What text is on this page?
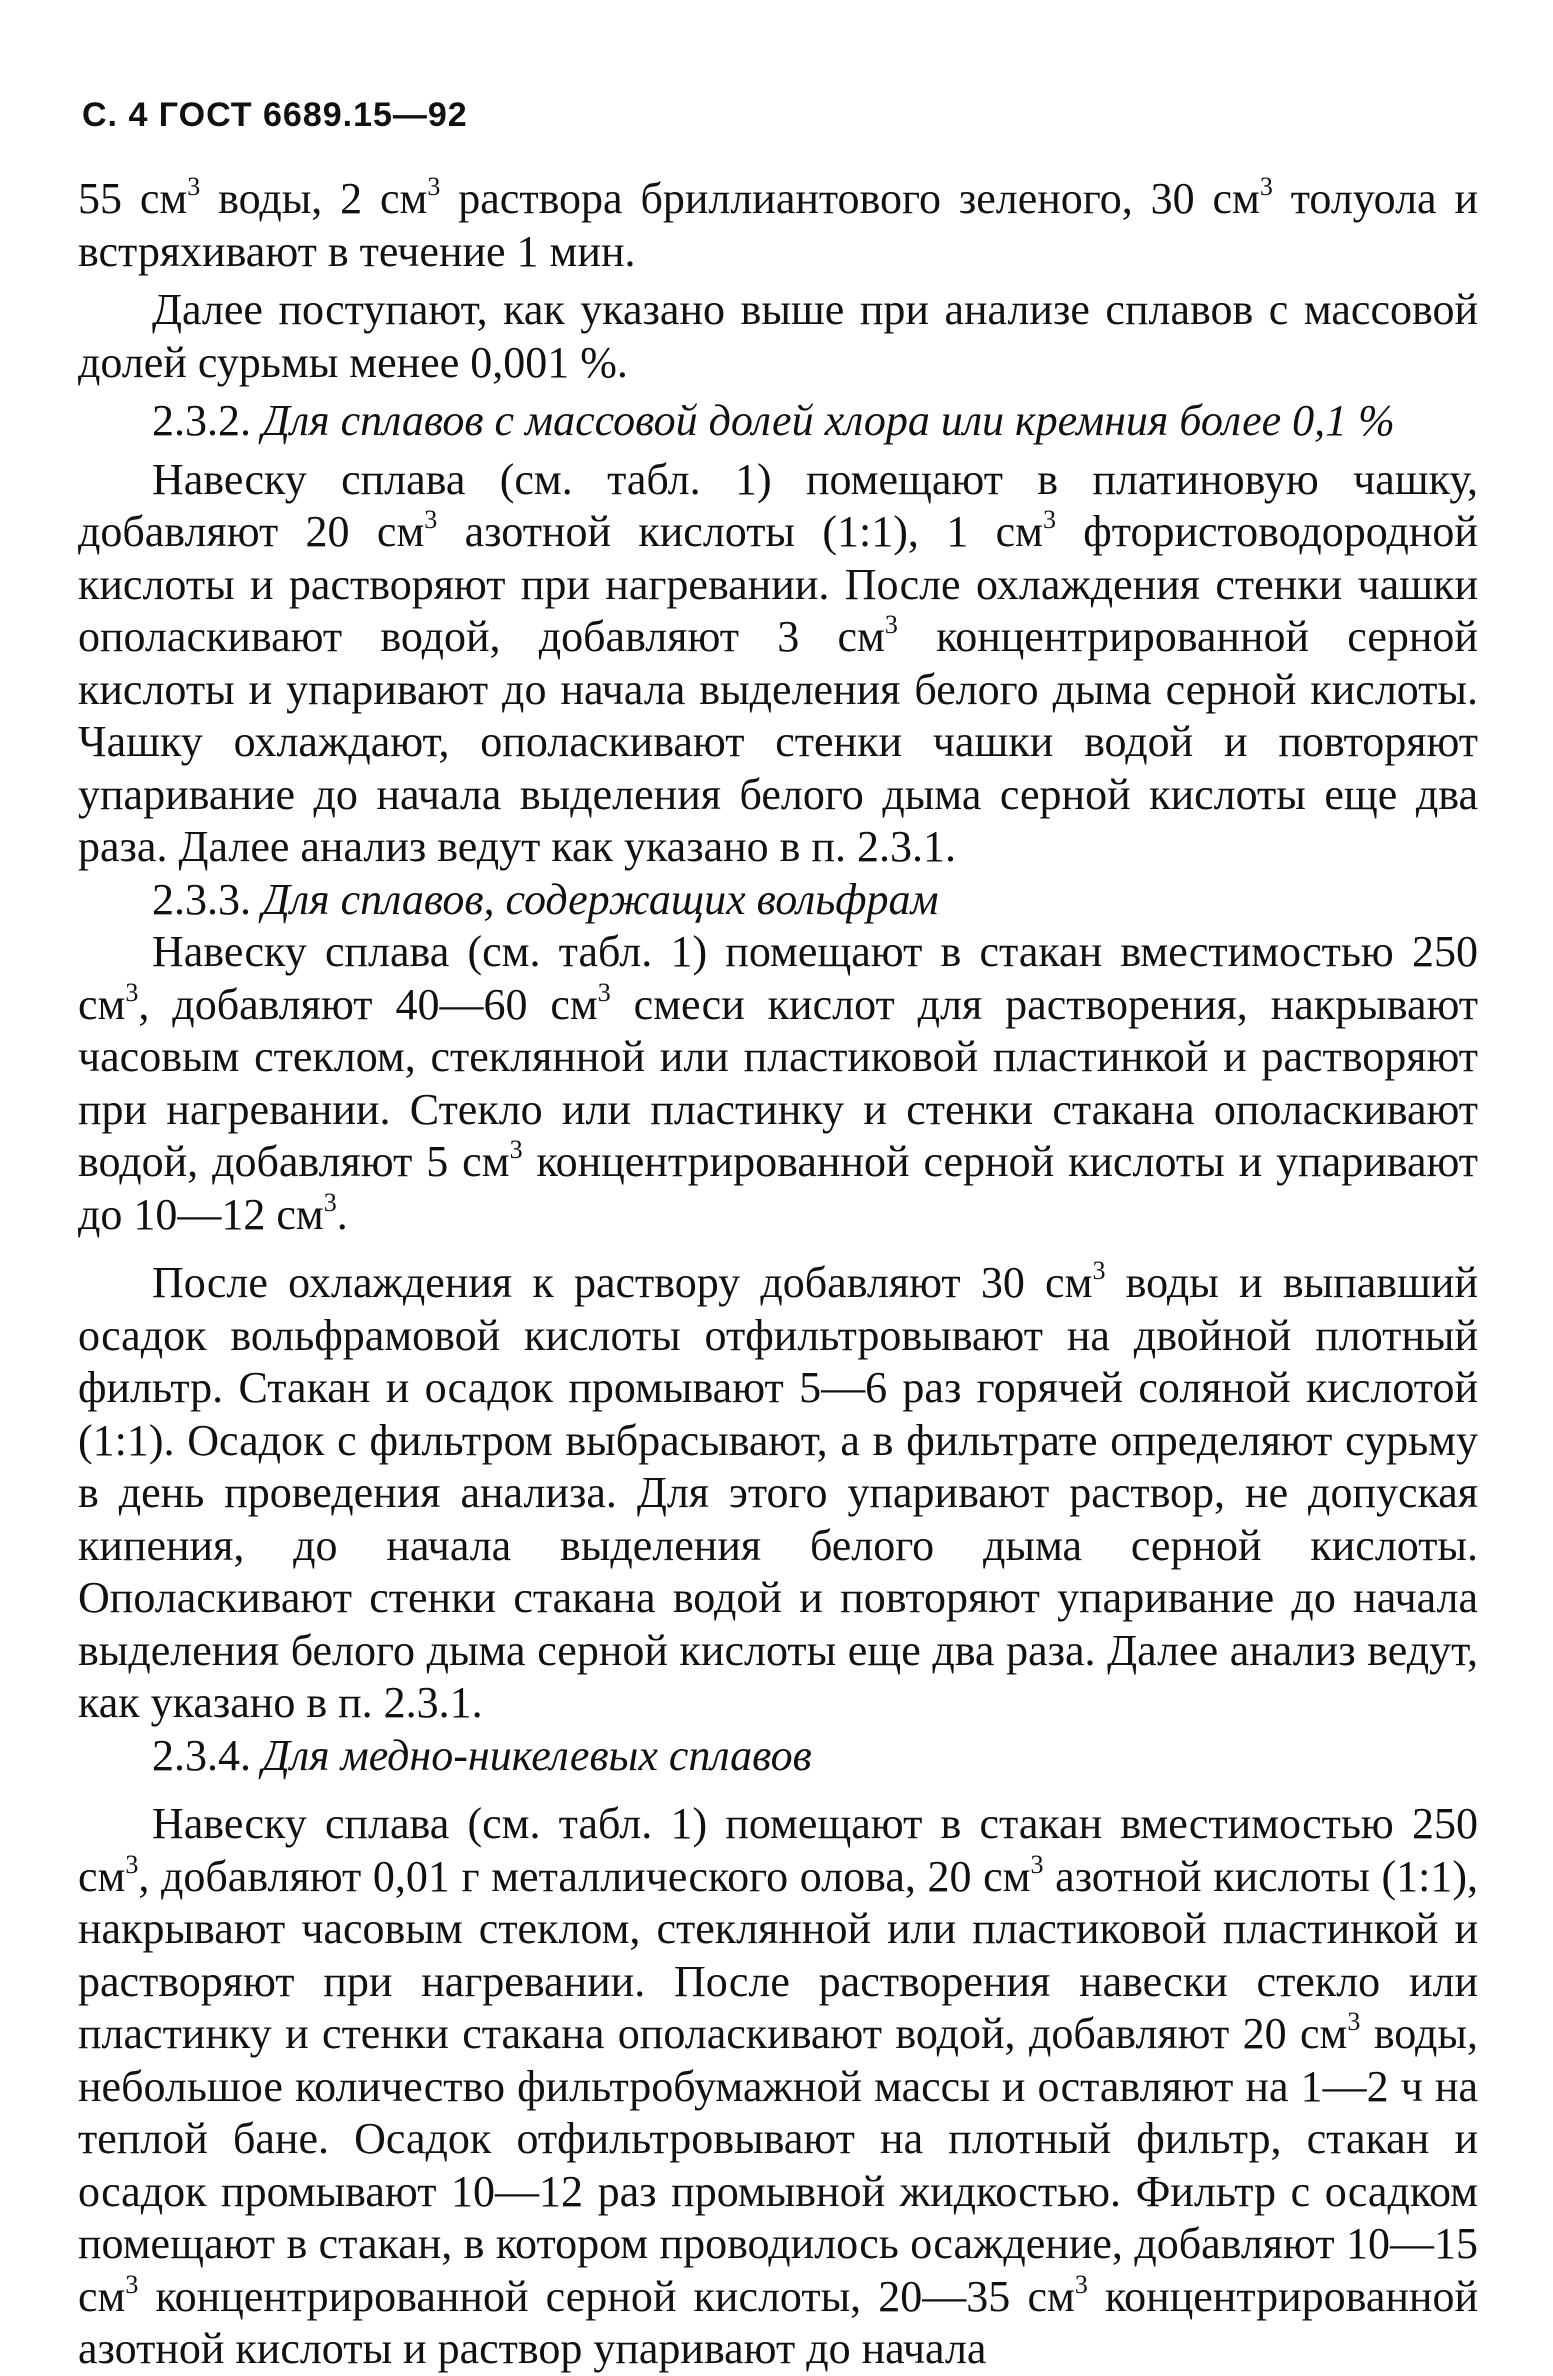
С. 4 ГОСТ 6689.15—92

55 $см^3$ воды, 2 $см^3$ раствора бриллиантового зеленого, 30 $см^3$ толуола и встряхивают в течение 1 мин.

Далее поступают, как указано выше при анализе сплавов с массовой долей сурьмы менее 0,001 %.

2.3.2. Для сплавов с массовой долей хлора или кремния более 0,1 %

Навеску сплава (см. табл. 1) помещают в платиновую чашку, добавляют 20 $см^3$ азотной кислоты (1:1), 1 $см^3$ фтористоводородной кислоты и растворяют при нагревании. После охлаждения стенки чашки ополаскивают водой, добавляют 3 $см^3$ концентрированной серной кислоты и упаривают до начала выделения белого дыма серной кислоты. Чашку охлаждают, ополаскивают стенки чашки водой и повторяют упаривание до начала выделения белого дыма серной кислоты еще два раза. Далее анализ ведут как указано в п. 2.3.1.

2.3.3. Для сплавов, содержащих вольфрам

Навеску сплава (см. табл. 1) помещают в стакан вместимостью 250 $см^3$, добавляют 40—60 $см^3$ смеси кислот для растворения, накрывают часовым стеклом, стеклянной или пластиковой пластинкой и растворяют при нагревании. Стекло или пластинку и стенки стакана ополаскивают водой, добавляют 5 $см^3$ концентрированной серной кислоты и упаривают до 10—12 $см^3$.

После охлаждения к раствору добавляют 30 $см^3$ воды и выпавший осадок вольфрамовой кислоты отфильтровывают на двойной плотный фильтр. Стакан и осадок промывают 5—6 раз горячей соляной кислотой (1:1). Осадок с фильтром выбрасывают, а в фильтрате определяют сурьму в день проведения анализа. Для этого упаривают раствор, не допуская кипения, до начала выделения белого дыма серной кислоты. Ополаскивают стенки стакана водой и повторяют упаривание до начала выделения белого дыма серной кислоты еще два раза. Далее анализ ведут, как указано в п. 2.3.1.

2.3.4. Для медно-никелевых сплавов

Навеску сплава (см. табл. 1) помещают в стакан вместимостью 250 $см^3$, добавляют 0,01 г металлического олова, 20 $см^3$ азотной кислоты (1:1), накрывают часовым стеклом, стеклянной или пластиковой пластинкой и растворяют при нагревании. После растворения навески стекло или пластинку и стенки стакана ополаскивают водой, добавляют 20 $см^3$ воды, небольшое количество фильтробумажной массы и оставляют на 1—2 ч на теплой бане. Осадок отфильтровывают на плотный фильтр, стакан и осадок промывают 10—12 раз промывной жидкостью. Фильтр с осадком помещают в стакан, в котором проводилось осаждение, добавляют 10—15 $см^3$ концентрированной серной кислоты, 20—35 $см^3$ концентрированной азотной кислоты и раствор упаривают до начала
